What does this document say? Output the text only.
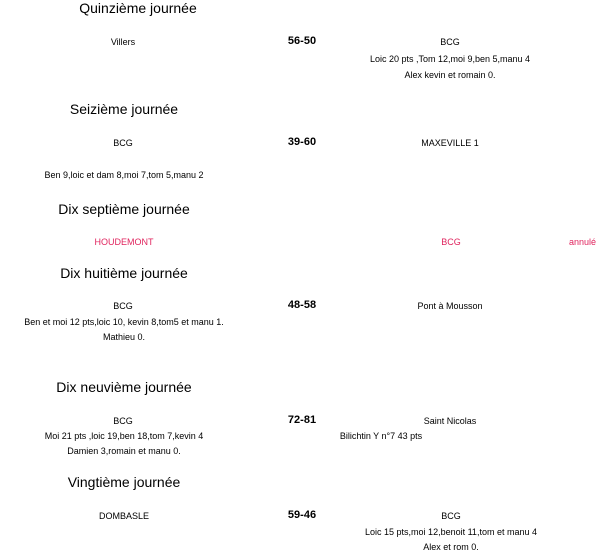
Quinzième journée
Villers	56-50	BCG
Loic 20 pts ,Tom 12,moi 9,ben 5,manu 4
Alex kevin et romain 0.
Seizième journée
BCG	39-60	MAXEVILLE 1
Ben 9,loic et dam 8,moi 7,tom 5,manu 2
Dix septième journée
HOUDEMONT	BCG	annulé
Dix huitième journée
BCG	48-58	Pont à Mousson
Ben et moi 12 pts,loic 10, kevin 8,tom5 et manu 1.
Mathieu 0.
Dix neuvième journée
BCG	72-81	Saint Nicolas
Moi 21 pts ,loic 19,ben 18,tom 7,kevin 4
Damien 3,romain et manu 0.
Bilichtin Y n°7 43 pts
Vingtième journée
DOMBASLE	59-46	BCG
Loic 15 pts,moi 12,benoit 11,tom et manu 4
Alex et rom 0.
